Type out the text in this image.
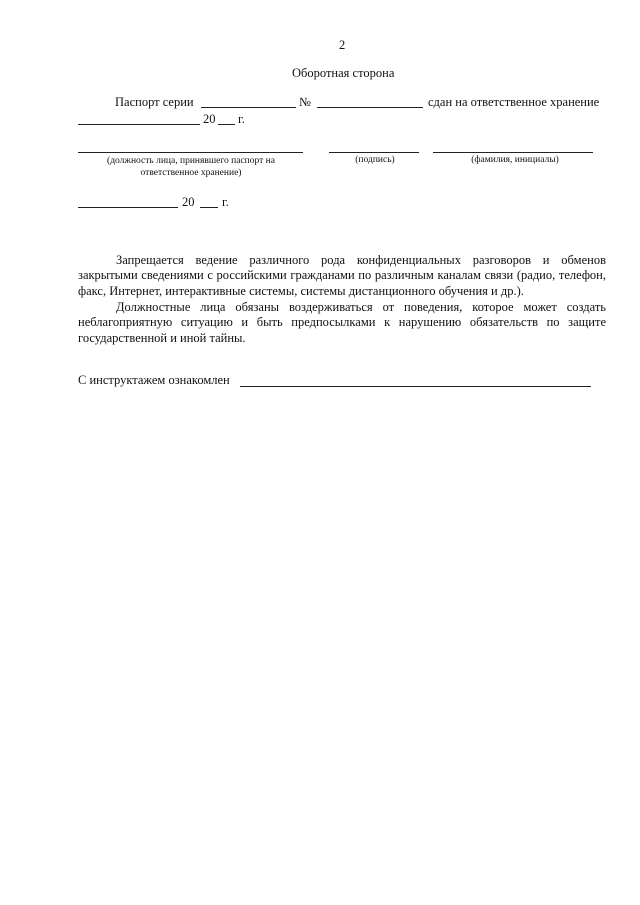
2
Оборотная сторона
Паспорт серии	№	сдан на ответственное хранение
20 г.
(должность лица, принявшего паспорт на ответственное хранение)
(подпись)	(фамилия, инициалы)
20 г.
Запрещается ведение различного рода конфиденциальных разговоров и обменов закрытыми сведениями с российскими гражданами по различным каналам связи (радио, телефон, факс, Интернет, интерактивные системы, системы дистанционного обучения и др.).
Должностные лица обязаны воздерживаться от поведения, которое может создать неблагоприятную ситуацию и быть предпосылками к нарушению обязательств по защите государственной и иной тайны.
С инструктажем ознакомлен
